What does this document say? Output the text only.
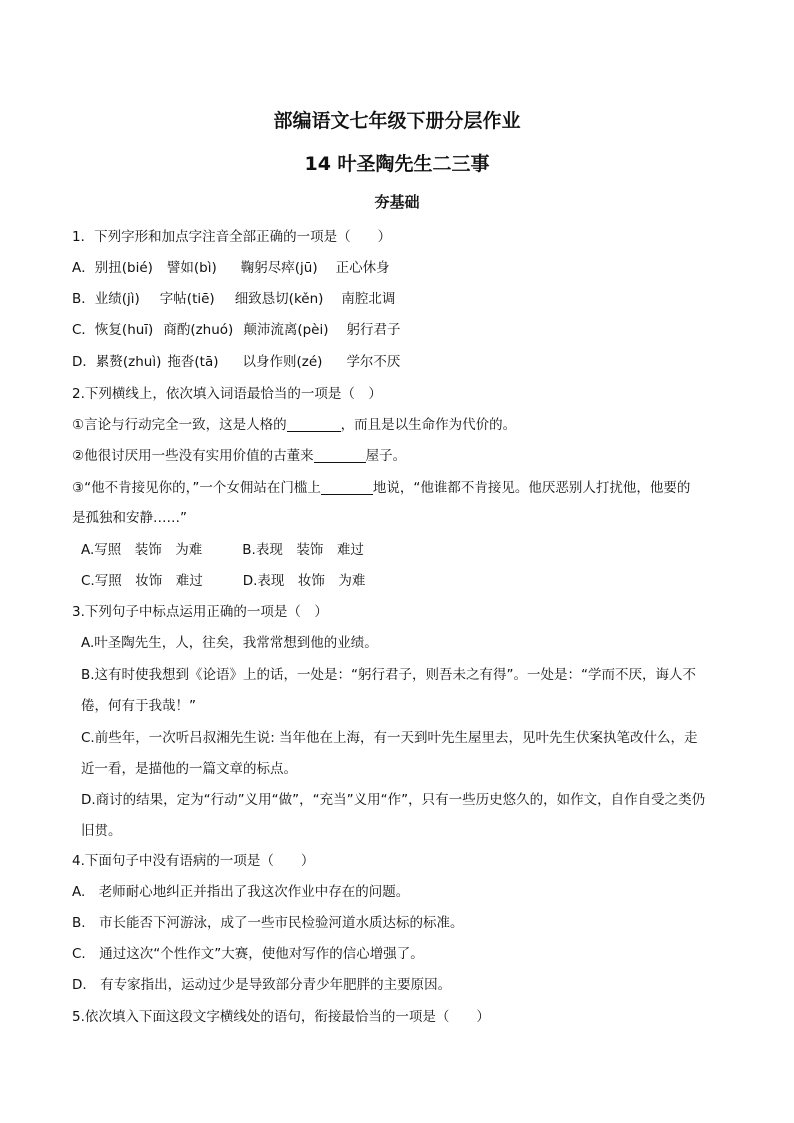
部编语文七年级下册分层作业
14 叶圣陶先生二三事
夯基础
1．下列字形和加点字注音全部正确的一项是（　　）
A．别扭(bié) 譬如(bì) 鞠躬尽瘁(jū) 正心休身
B．业绩(jì) 字帖(tiē) 细致恳切(kěn) 南腔北调
C．恢复(huī) 商酌(zhuó) 颠沛流离(pèi) 躬行君子
D．累赘(zhuì) 拖沓(tā) 以身作则(zé) 学尔不厌
2.下列横线上，依次填入词语最恰当的一项是（　）
①言论与行动完全一致，这是人格的	，而且是以生命作为代价的。
②他很讨厌用一些没有实用价值的古董来	屋子。
③“他不肯接见你的，”一个女佣站在门槛上	地说，“他谁都不肯接见。他厌恶别人打扰他，他要的
是孤独和安静……”
A.写照　装饰　为难	B.表现　装饰　难过
C.写照　妆饰　难过	D.表现　妆饰　为难
3.下列句子中标点运用正确的一项是（　）
A.叶圣陶先生，人，往矣，我常常想到他的业绩。
B.这有时使我想到《论语》上的话，一处是：“躬行君子，则吾未之有得”。一处是：“学而不厌，诲人不
倦，何有于我哉！”
C.前些年，一次听吕叔湘先生说: 当年他在上海，有一天到叶先生屋里去，见叶先生伏案执笔改什么，走
近一看，是描他的一篇文章的标点。
D.商讨的结果，定为“行动”义用“做”，“充当”义用“作”，只有一些历史悠久的，如作文，自作自受之类仍
旧贯。
4.下面句子中没有语病的一项是（　　）
A.　老师耐心地纠正并指出了我这次作业中存在的问题。
B.　市长能否下河游泳，成了一些市民检验河道水质达标的标准。
C.　通过这次“个性作文”大赛，使他对写作的信心增强了。
D.　有专家指出，运动过少是导致部分青少年肥胖的主要原因。
5.依次填入下面这段文字横线处的语句，衔接最恰当的一项是（　　）
